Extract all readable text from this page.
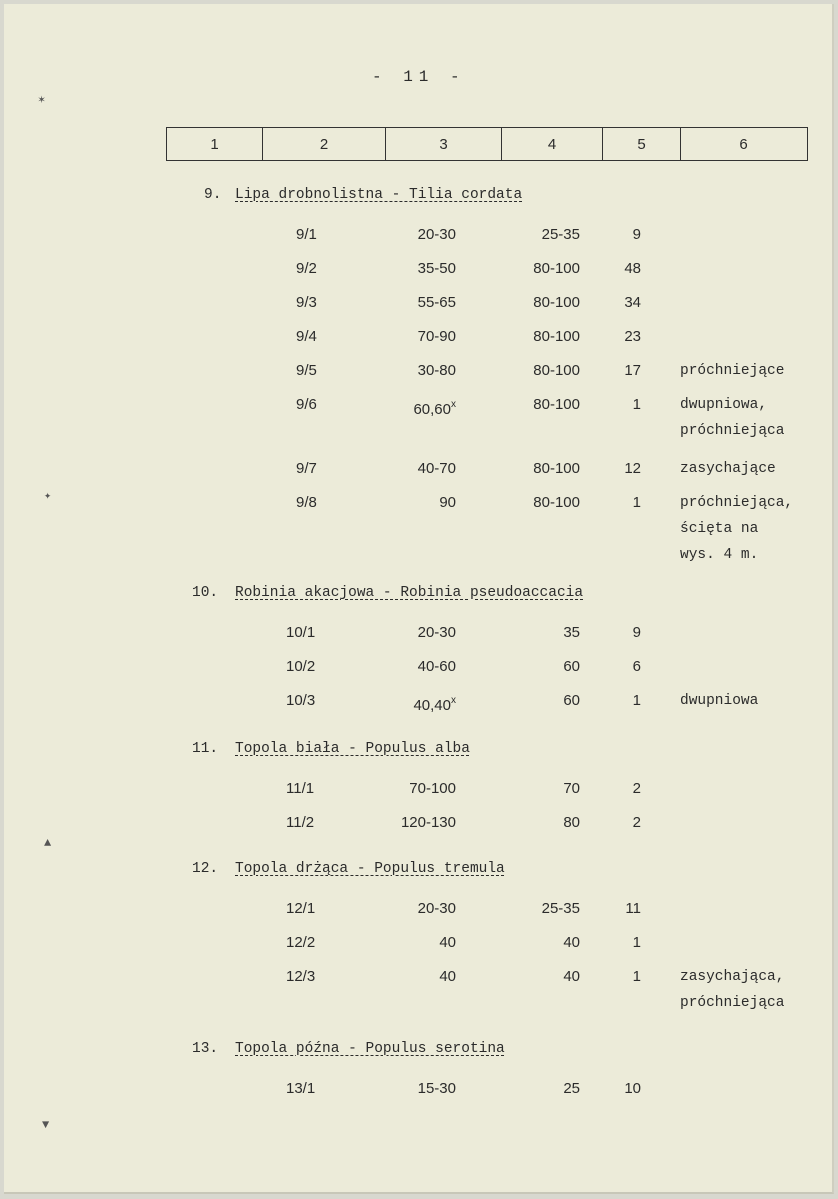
- 11 -
1	2	3	4	5	6
9. Lipa drobnolistna - Tilia cordata
9/1	20-30	25-35	9
9/2	35-50	80-100	48
9/3	55-65	80-100	34
9/4	70-90	80-100	23
9/5	30-80	80-100	17	próchniejące
9/6	60,60$^x$	80-100	1	dwupniowa,
próchniejąca
9/7	40-70	80-100	12	zasychające
9/8	90	80-100	1	próchniejąca,
ścięta na
wys. 4 m.
10. Robinia akacjowa - Robinia pseudoaccacia
10/1	20-30	35	9
10/2	40-60	60	6
10/3	40,40$^x$	60	1	dwupniowa
11. Topola biała - Populus alba
11/1	70-100	70	2
11/2	120-130	80	2
12. Topola drżąca - Populus tremula
12/1	20-30	25-35	11
12/2	40	40	1
12/3	40	40	1	zasychająca,
próchniejąca
13. Topola późna - Populus serotina
13/1	15-30	25	10
✶
✦
▲
▼
